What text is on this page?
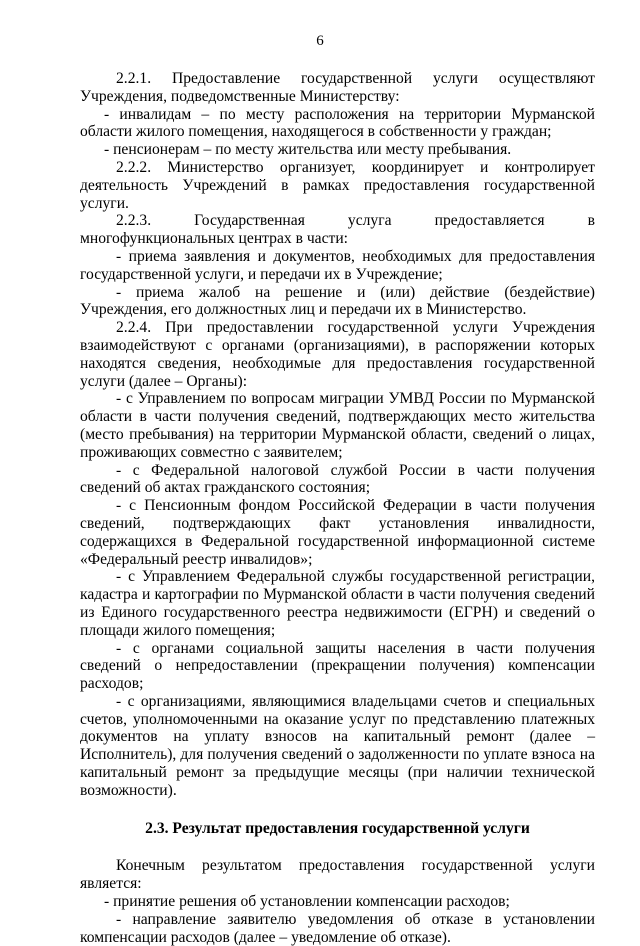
6

2.2.1. Предоставление государственной услуги осуществляют Учреждения, подведомственные Министерству:

- инвалидам – по месту расположения на территории Мурманской области жилого помещения, находящегося в собственности у граждан;

- пенсионерам – по месту жительства или месту пребывания.

2.2.2. Министерство организует, координирует и контролирует деятельность Учреждений в рамках предоставления государственной услуги.

2.2.3. Государственная услуга предоставляется в многофункциональных центрах в части:

- приема заявления и документов, необходимых для предоставления государственной услуги, и передачи их в Учреждение;

- приема жалоб на решение и (или) действие (бездействие) Учреждения, его должностных лиц и передачи их в Министерство.

2.2.4. При предоставлении государственной услуги Учреждения взаимодействуют с органами (организациями), в распоряжении которых находятся сведения, необходимые для предоставления государственной услуги (далее – Органы):

- с Управлением по вопросам миграции УМВД России по Мурманской области в части получения сведений, подтверждающих место жительства (место пребывания) на территории Мурманской области, сведений о лицах, проживающих совместно с заявителем;

- с Федеральной налоговой службой России в части получения сведений об актах гражданского состояния;

- с Пенсионным фондом Российской Федерации в части получения сведений, подтверждающих факт установления инвалидности, содержащихся в Федеральной государственной информационной системе «Федеральный реестр инвалидов»;

- с Управлением Федеральной службы государственной регистрации, кадастра и картографии по Мурманской области в части получения сведений из Единого государственного реестра недвижимости (ЕГРН) и сведений о площади жилого помещения;

- с органами социальной защиты населения в части получения сведений о непредоставлении (прекращении получения) компенсации расходов;

- с организациями, являющимися владельцами счетов и специальных счетов, уполномоченными на оказание услуг по представлению платежных документов на уплату взносов на капитальный ремонт (далее – Исполнитель), для получения сведений о задолженности по уплате взноса на капитальный ремонт за предыдущие месяцы (при наличии технической возможности).

2.3. Результат предоставления государственной услуги

Конечным результатом предоставления государственной услуги является:

- принятие решения об установлении компенсации расходов;

- направление заявителю уведомления об отказе в установлении компенсации расходов (далее – уведомление об отказе).
